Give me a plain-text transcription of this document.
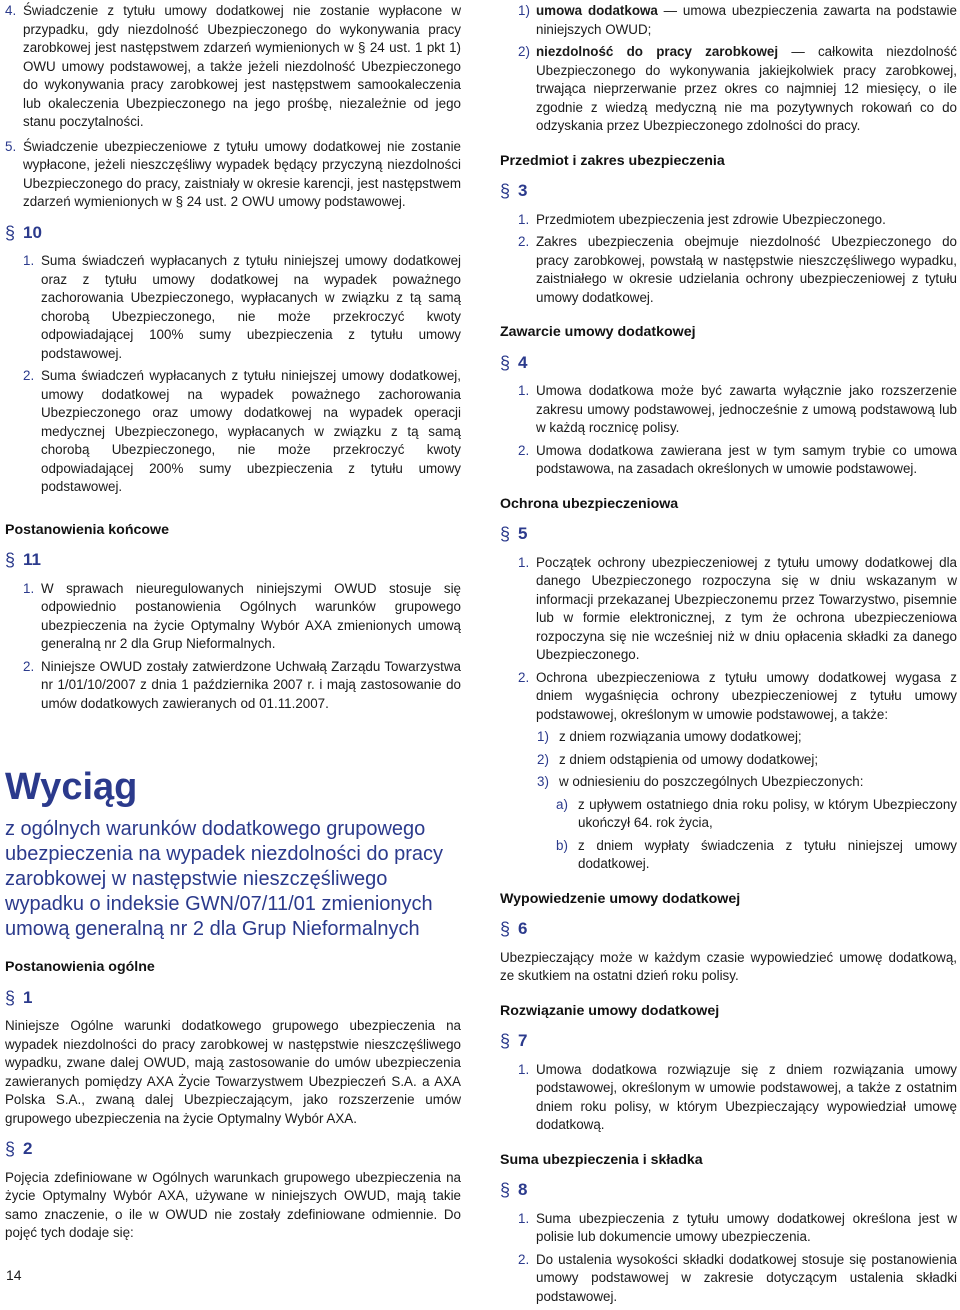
4. Świadczenie z tytułu umowy dodatkowej nie zostanie wypłacone w przypadku, gdy niezdolność Ubezpieczonego do wykonywania pracy zarobkowej jest następstwem zdarzeń wymienionych w § 24 ust. 1 pkt 1) OWU umowy podstawowej, a także jeżeli niezdolność Ubezpieczonego do wykonywania pracy zarobkowej jest następstwem samookaleczenia lub okaleczenia Ubezpieczonego na jego prośbę, niezależnie od jego stanu poczytalności.
5. Świadczenie ubezpieczeniowe z tytułu umowy dodatkowej nie zostanie wypłacone, jeżeli nieszczęśliwy wypadek będący przyczyną niezdolności Ubezpieczonego do pracy, zaistniały w okresie karencji, jest następstwem zdarzeń wymienionych w § 24 ust. 2 OWU umowy podstawowej.
§ 10
1. Suma świadczeń wypłacanych z tytułu niniejszej umowy dodatkowej oraz z tytułu umowy dodatkowej na wypadek poważnego zachorowania Ubezpieczonego, wypłacanych w związku z tą samą chorobą Ubezpieczonego, nie może przekroczyć kwoty odpowiadającej 100% sumy ubezpieczenia z tytułu umowy podstawowej.
2. Suma świadczeń wypłacanych z tytułu niniejszej umowy dodatkowej, umowy dodatkowej na wypadek poważnego zachorowania Ubezpieczonego oraz umowy dodatkowej na wypadek operacji medycznej Ubezpieczonego, wypłacanych w związku z tą samą chorobą Ubezpieczonego, nie może przekroczyć kwoty odpowiadającej 200% sumy ubezpieczenia z tytułu umowy podstawowej.
Postanowienia końcowe
§ 11
1. W sprawach nieuregulowanych niniejszymi OWUD stosuje się odpowiednio postanowienia Ogólnych warunków grupowego ubezpieczenia na życie Optymalny Wybór AXA zmienionych umową generalną nr 2 dla Grup Nieformalnych.
2. Niniejsze OWUD zostały zatwierdzone Uchwałą Zarządu Towarzystwa nr 1/01/10/2007 z dnia 1 października 2007 r. i mają zastosowanie do umów dodatkowych zawieranych od 01.11.2007.
Wyciąg
z ogólnych warunków dodatkowego grupowego ubezpieczenia na wypadek niezdolności do pracy zarobkowej w następstwie nieszczęśliwego wypadku o indeksie GWN/07/11/01 zmienionych umową generalną nr 2 dla Grup Nieformalnych
Postanowienia ogólne
§ 1

Niniejsze Ogólne warunki dodatkowego grupowego ubezpieczenia na wypadek niezdolności do pracy zarobkowej w następstwie nieszczęśliwego wypadku, zwane dalej OWUD, mają zastosowanie do umów ubezpieczenia zawieranych pomiędzy AXA Życie Towarzystwem Ubezpieczeń S.A. a AXA Polska S.A., zwaną dalej Ubezpieczającym, jako rozszerzenie umów grupowego ubezpieczenia na życie Optymalny Wybór AXA.

§ 2

Pojęcia zdefiniowane w Ogólnych warunkach grupowego ubezpieczenia na życie Optymalny Wybór AXA, używane w niniejszych OWUD, mają takie samo znaczenie, o ile w OWUD nie zostały zdefiniowane odmiennie. Do pojęć tych dodaje się:

1) umowa dodatkowa — umowa ubezpieczenia zawarta na podstawie niniejszych OWUD;
2) niezdolność do pracy zarobkowej — całkowita niezdolność Ubezpieczonego do wykonywania jakiejkolwiek pracy zarobkowej, trwająca nieprzerwanie przez okres co najmniej 12 miesięcy, o ile zgodnie z wiedzą medyczną nie ma pozytywnych rokowań co do odzyskania przez Ubezpieczonego zdolności do pracy.
Przedmiot i zakres ubezpieczenia
§ 3
1. Przedmiotem ubezpieczenia jest zdrowie Ubezpieczonego.
2. Zakres ubezpieczenia obejmuje niezdolność Ubezpieczonego do pracy zarobkowej, powstałą w następstwie nieszczęśliwego wypadku, zaistniałego w okresie udzielania ochrony ubezpieczeniowej z tytułu umowy dodatkowej.
Zawarcie umowy dodatkowej
§ 4
1. Umowa dodatkowa może być zawarta wyłącznie jako rozszerzenie zakresu umowy podstawowej, jednocześnie z umową podstawową lub w każdą rocznicę polisy.
2. Umowa dodatkowa zawierana jest w tym samym trybie co umowa podstawowa, na zasadach określonych w umowie podstawowej.
Ochrona ubezpieczeniowa
§ 5
1. Początek ochrony ubezpieczeniowej z tytułu umowy dodatkowej dla danego Ubezpieczonego rozpoczyna się w dniu wskazanym w informacji przekazanej Ubezpieczonemu przez Towarzystwo, pisemnie lub w formie elektronicznej, z tym że ochrona ubezpieczeniowa rozpoczyna się nie wcześniej niż w dniu opłacenia składki za danego Ubezpieczonego.
2. Ochrona ubezpieczeniowa z tytułu umowy dodatkowej wygasa z dniem wygaśnięcia ochrony ubezpieczeniowej z tytułu umowy podstawowej, określonym w umowie podstawowej, a także:
1) z dniem rozwiązania umowy dodatkowej;
2) z dniem odstąpienia od umowy dodatkowej;
3) w odniesieniu do poszczególnych Ubezpieczonych:
a) z upływem ostatniego dnia roku polisy, w którym Ubezpieczony ukończył 64. rok życia,
b) z dniem wypłaty świadczenia z tytułu niniejszej umowy dodatkowej.
Wypowiedzenie umowy dodatkowej
§ 6

Ubezpieczający może w każdym czasie wypowiedzieć umowę dodatkową, ze skutkiem na ostatni dzień roku polisy.

Rozwiązanie umowy dodatkowej
§ 7
1. Umowa dodatkowa rozwiązuje się z dniem rozwiązania umowy podstawowej, określonym w umowie podstawowej, a także z ostatnim dniem roku polisy, w którym Ubezpieczający wypowiedział umowę dodatkową.
Suma ubezpieczenia i składka
§ 8
1. Suma ubezpieczenia z tytułu umowy dodatkowej określona jest w polisie lub dokumencie umowy ubezpieczenia.
2. Do ustalenia wysokości składki dodatkowej stosuje się postanowienia umowy podstawowej w zakresie dotyczącym ustalenia składki podstawowej.
14
